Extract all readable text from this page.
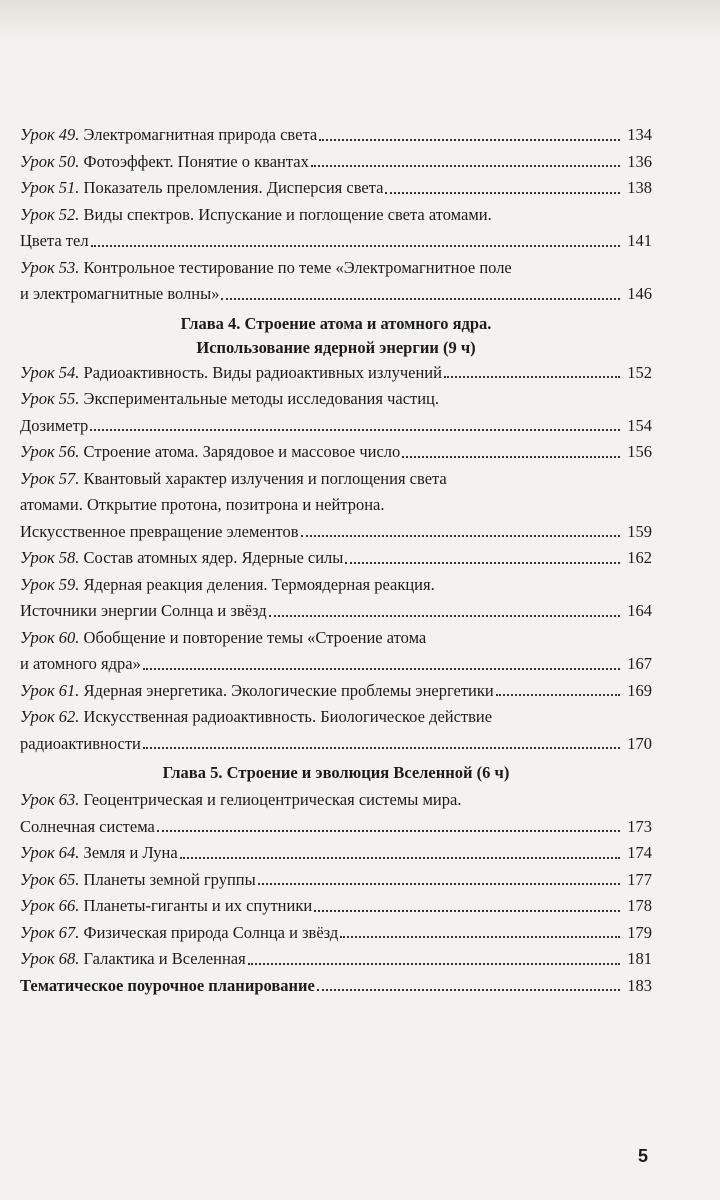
Урок 49. Электромагнитная природа света	134
Урок 50. Фотоэффект. Понятие о квантах	136
Урок 51. Показатель преломления. Дисперсия света	138
Урок 52. Виды спектров. Испускание и поглощение света атомами.
Цвета тел	141
Урок 53. Контрольное тестирование по теме «Электромагнитное поле
и электромагнитные волны»	146
Глава 4. Строение атома и атомного ядра.
Использование ядерной энергии (9 ч)
Урок 54. Радиоактивность. Виды радиоактивных излучений	152
Урок 55. Экспериментальные методы исследования частиц.
Дозиметр	154
Урок 56. Строение атома. Зарядовое и массовое число	156
Урок 57. Квантовый характер излучения и поглощения света
атомами. Открытие протона, позитрона и нейтрона.
Искусственное превращение элементов	159
Урок 58. Состав атомных ядер. Ядерные силы	162
Урок 59. Ядерная реакция деления. Термоядерная реакция.
Источники энергии Солнца и звёзд	164
Урок 60. Обобщение и повторение темы «Строение атома
и атомного ядра»	167
Урок 61. Ядерная энергетика. Экологические проблемы энергетики	169
Урок 62. Искусственная радиоактивность. Биологическое действие
радиоактивности	170
Глава 5. Строение и эволюция Вселенной (6 ч)
Урок 63. Геоцентрическая и гелиоцентрическая системы мира.
Солнечная система	173
Урок 64. Земля и Луна	174
Урок 65. Планеты земной группы	177
Урок 66. Планеты-гиганты и их спутники	178
Урок 67. Физическая природа Солнца и звёзд	179
Урок 68. Галактика и Вселенная	181
Тематическое поурочное планирование	183
5
